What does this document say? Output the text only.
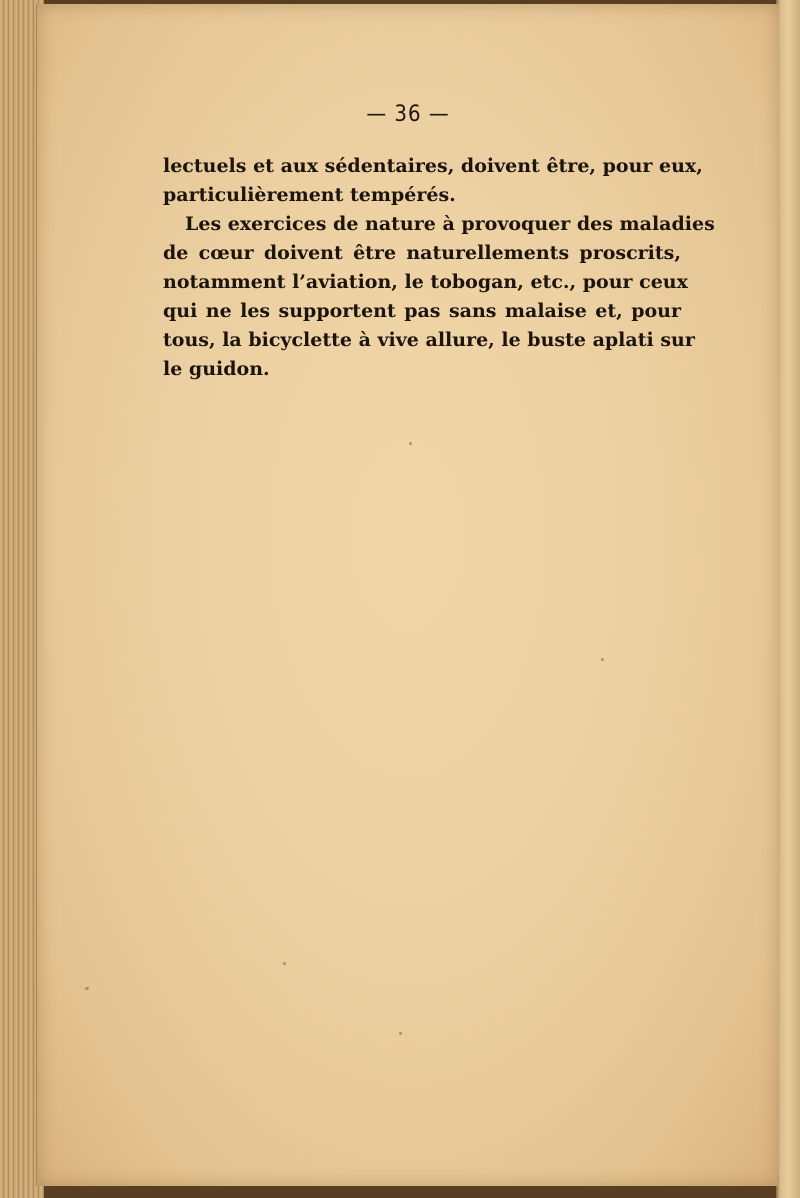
— 36 —

lectuels et aux sédentaires, doivent être, pour eux,
particulièrement tempérés.

Les exercices de nature à provoquer des maladies
de cœur doivent être naturellements proscrits,
notamment l’aviation, le tobogan, etc., pour ceux
qui ne les supportent pas sans malaise et, pour
tous, la bicyclette à vive allure, le buste aplati sur
le guidon.
